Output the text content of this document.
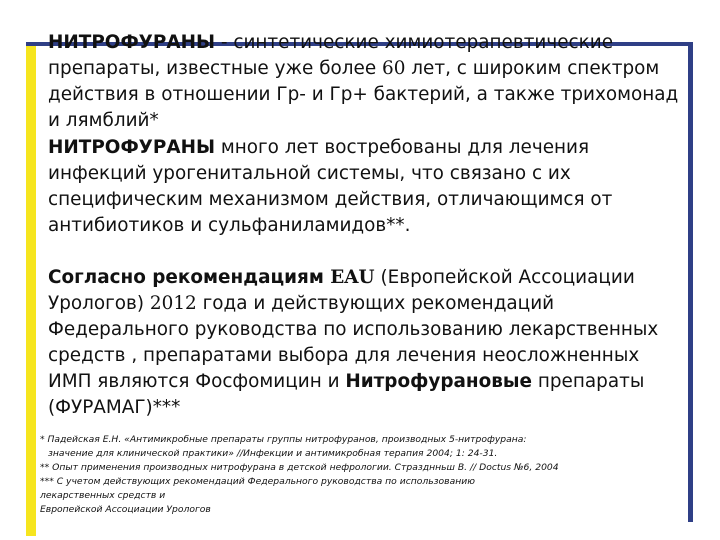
НИТРОФУРАНЫ - синтетические химиотерапевтические препараты, известные уже более 60 лет, с широким спектром действия в отношении Гр- и Гр+ бактерий, а также трихомонад и лямблий*

НИТРОФУРАНЫ много лет востребованы для лечения инфекций урогенитальной системы, что связано с их специфическим механизмом действия, отличающимся от антибиотиков и сульфаниламидов**.

Согласно рекомендациям EAU (Европейской Ассоциации Урологов) 2012 года и действующих рекомендаций Федерального руководства по использованию лекарственных средств , препаратами выбора для лечения неосложненных ИМП являются Фосфомицин и Нитрофурановые препараты (ФУРАМАГ)***

* Падейская Е.Н. «Антимикробные препараты группы нитрофуранов, производных 5-нитрофурана:
значение для клинической практики» //Инфекции и антимикробная терапия 2004; 1: 24-31.
** Опыт применения производных нитрофурана в детской нефрологии. Стразднньш В. // Doctus №6, 2004
*** С учетом действующих рекомендаций Федерального руководства по использованию
лекарственных средств и
Европейской Ассоциации Урологов
